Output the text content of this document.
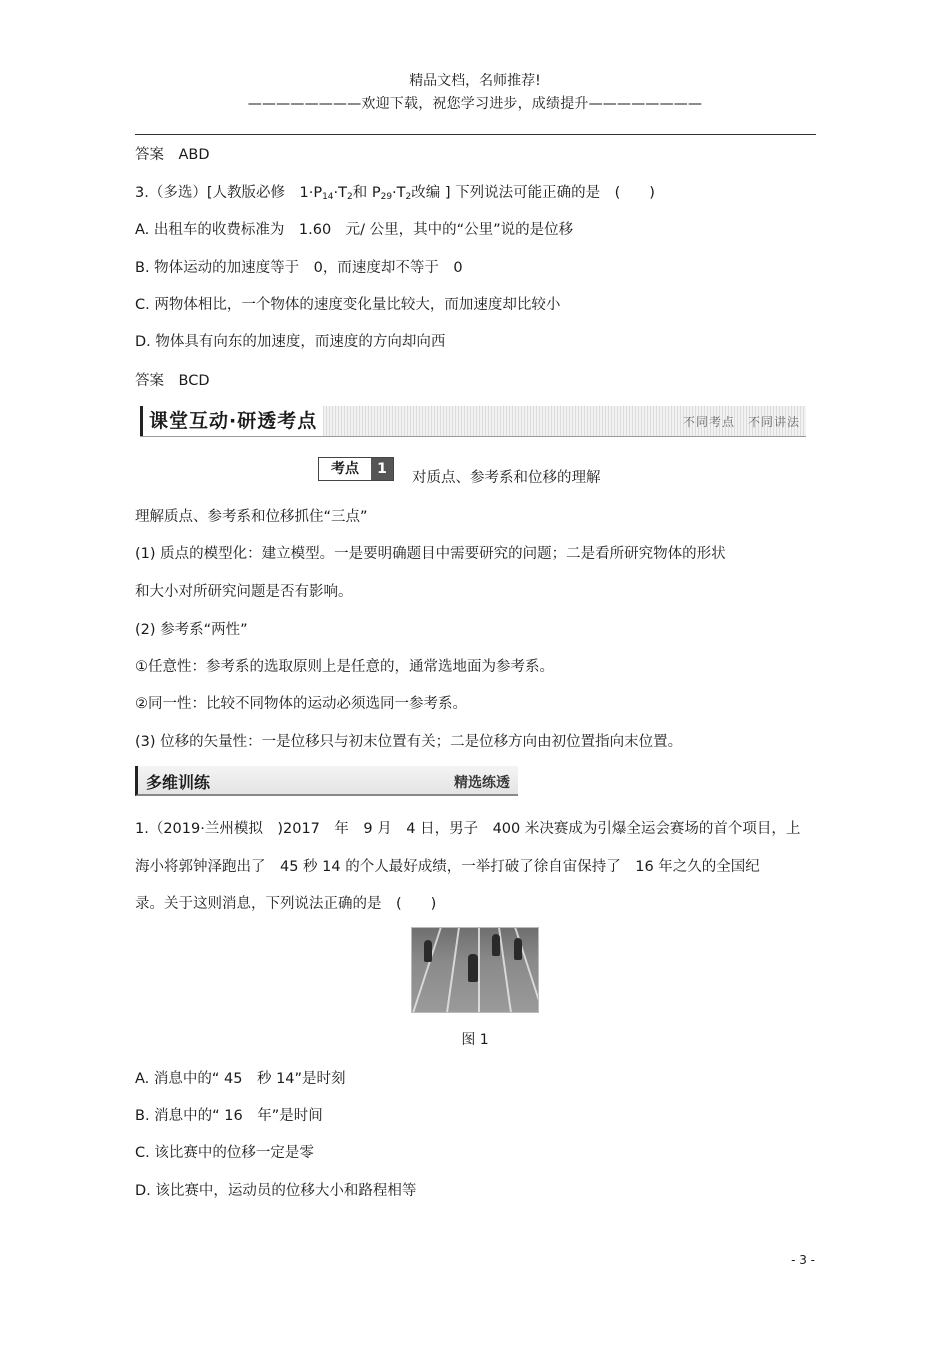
精品文档，名师推荐!
————————欢迎下载，祝您学习进步，成绩提升————————
答案　ABD
3.（多选）[人教版必修　$1\cdot P_{14}\cdot T_2$和 $P_{29}\cdot T_2$改编 ] 下列说法可能正确的是　(　　)
A. 出租车的收费标准为　1.60　元/ 公里，其中的“公里”说的是位移
B. 物体运动的加速度等于　0，而速度却不等于　0
C. 两物体相比，一个物体的速度变化量比较大，而加速度却比较小
D. 物体具有向东的加速度，而速度的方向却向西
答案　BCD
课堂互动·研透考点	不同考点　不同讲法
考点	1
对质点、参考系和位移的理解
理解质点、参考系和位移抓住“三点”
(1) 质点的模型化：建立模型。一是要明确题目中需要研究的问题；二是看所研究物体的形状
和大小对所研究问题是否有影响。
(2) 参考系“两性”
①任意性：参考系的选取原则上是任意的，通常选地面为参考系。
②同一性：比较不同物体的运动必须选同一参考系。
(3) 位移的矢量性：一是位移只与初末位置有关；二是位移方向由初位置指向末位置。
多维训练	精选练透
1.（2019·兰州模拟　)2017　年　9 月　4 日，男子　400 米决赛成为引爆全运会赛场的首个项目，上
海小将郭钟泽跑出了　45 秒 14 的个人最好成绩，一举打破了徐自宙保持了　16 年之久的全国纪
录。关于这则消息，下列说法正确的是　(　　)
图 1
A. 消息中的“ 45　秒 14”是时刻
B. 消息中的“ 16　年”是时间
C. 该比赛中的位移一定是零
D. 该比赛中，运动员的位移大小和路程相等
- 3 -
